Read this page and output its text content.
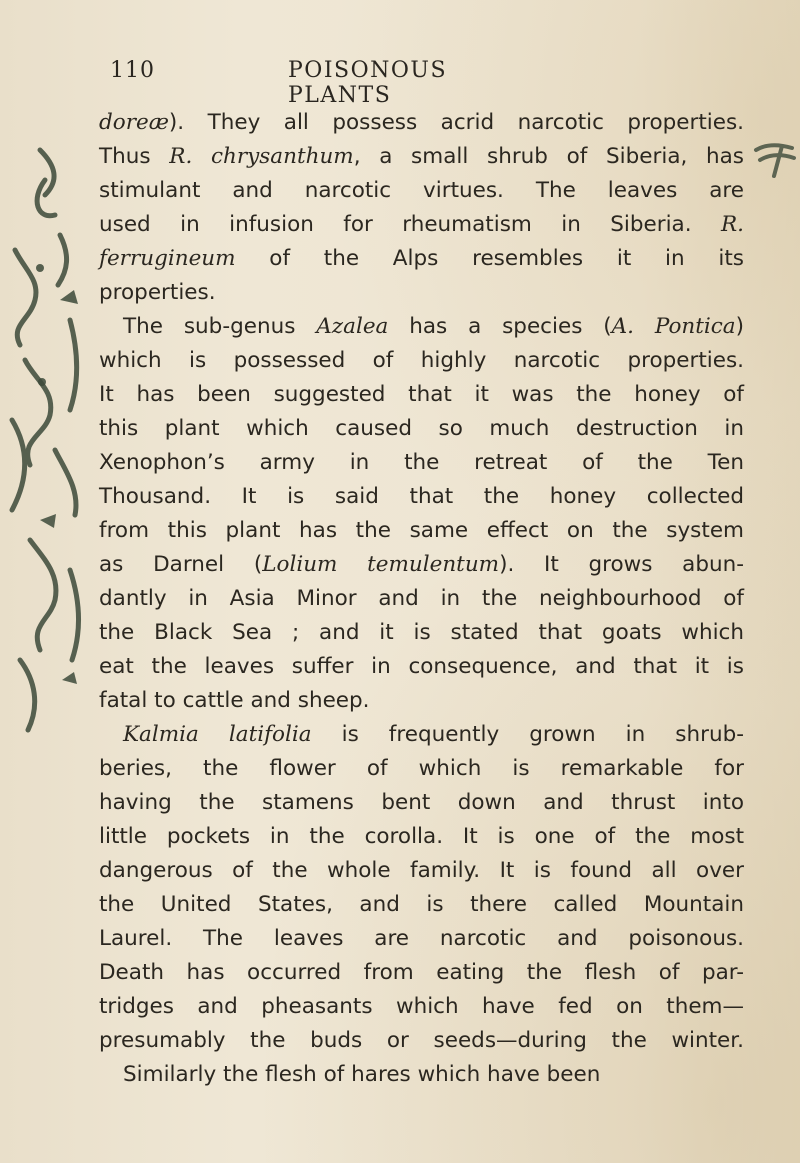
110	POISONOUS PLANTS
doreæ). They all possess acrid narcotic properties.
Thus R. chrysanthum, a small shrub of Siberia, has
stimulant and narcotic virtues. The leaves are
used in infusion for rheumatism in Siberia. R.
ferrugineum of the Alps resembles it in its
properties.
The sub-genus Azalea has a species (A. Pontica)
which is possessed of highly narcotic properties.
It has been suggested that it was the honey of
this plant which caused so much destruction in
Xenophon’s army in the retreat of the Ten
Thousand. It is said that the honey collected
from this plant has the same effect on the system
as Darnel (Lolium temulentum). It grows abun-
dantly in Asia Minor and in the neighbourhood of
the Black Sea ; and it is stated that goats which
eat the leaves suffer in consequence, and that it is
fatal to cattle and sheep.
Kalmia latifolia is frequently grown in shrub-
beries, the flower of which is remarkable for
having the stamens bent down and thrust into
little pockets in the corolla. It is one of the most
dangerous of the whole family. It is found all over
the United States, and is there called Mountain
Laurel. The leaves are narcotic and poisonous.
Death has occurred from eating the flesh of par-
tridges and pheasants which have fed on them—
presumably the buds or seeds—during the winter.
Similarly the flesh of hares which have been
